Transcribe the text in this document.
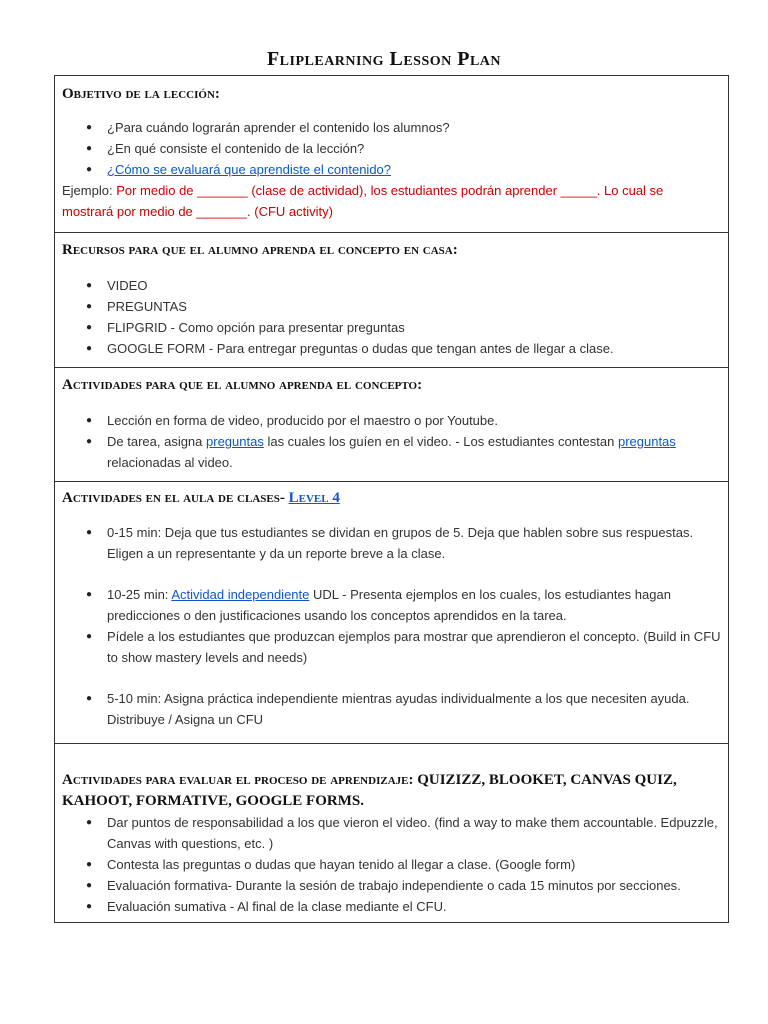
Fliplearning Lesson Plan
Objetivo de la lección:
● ¿Para cuándo lograrán aprender el contenido los alumnos?
● ¿En qué consiste el contenido de la lección?
● ¿Cómo se evaluará que aprendiste el contenido?
Ejemplo: Por medio de _______ (clase de actividad), los estudiantes podrán aprender _____. Lo cual se
mostrará por medio de _______. (CFU activity)
Recursos para que el alumno aprenda el concepto en casa:
● VIDEO
● PREGUNTAS
● FLIPGRID - Como opción para presentar preguntas
● GOOGLE FORM - Para entregar preguntas o dudas que tengan antes de llegar a clase.
Actividades para que el alumno aprenda el concepto:
● Lección en forma de video, producido por el maestro o por Youtube.
● De tarea, asigna preguntas las cuales los guíen en el video. - Los estudiantes contestan preguntas
relacionadas al video.
Actividades en el aula de clases- Level 4
● 0-15 min: Deja que tus estudiantes se dividan en grupos de 5. Deja que hablen sobre sus respuestas. Eligen a un representante y da un reporte breve a la clase.
● 10-25 min: Actividad independiente UDL - Presenta ejemplos en los cuales, los estudiantes hagan predicciones o den justificaciones usando los conceptos aprendidos en la tarea.
● Pídele a los estudiantes que produzcan ejemplos para mostrar que aprendieron el concepto. (Build in CFU to show mastery levels and needs)
● 5-10 min: Asigna práctica independiente mientras ayudas individualmente a los que necesiten ayuda. Distribuye / Asigna un CFU
Actividades para evaluar el proceso de aprendizaje: QUIZIZZ, BLOOKET, CANVAS QUIZ, KAHOOT, FORMATIVE, GOOGLE FORMS.
● Dar puntos de responsabilidad a los que vieron el video. (find a way to make them accountable. Edpuzzle, Canvas with questions, etc. )
● Contesta las preguntas o dudas que hayan tenido al llegar a clase. (Google form)
● Evaluación formativa- Durante la sesión de trabajo independiente o cada 15 minutos por secciones.
● Evaluación sumativa - Al final de la clase mediante el CFU.
